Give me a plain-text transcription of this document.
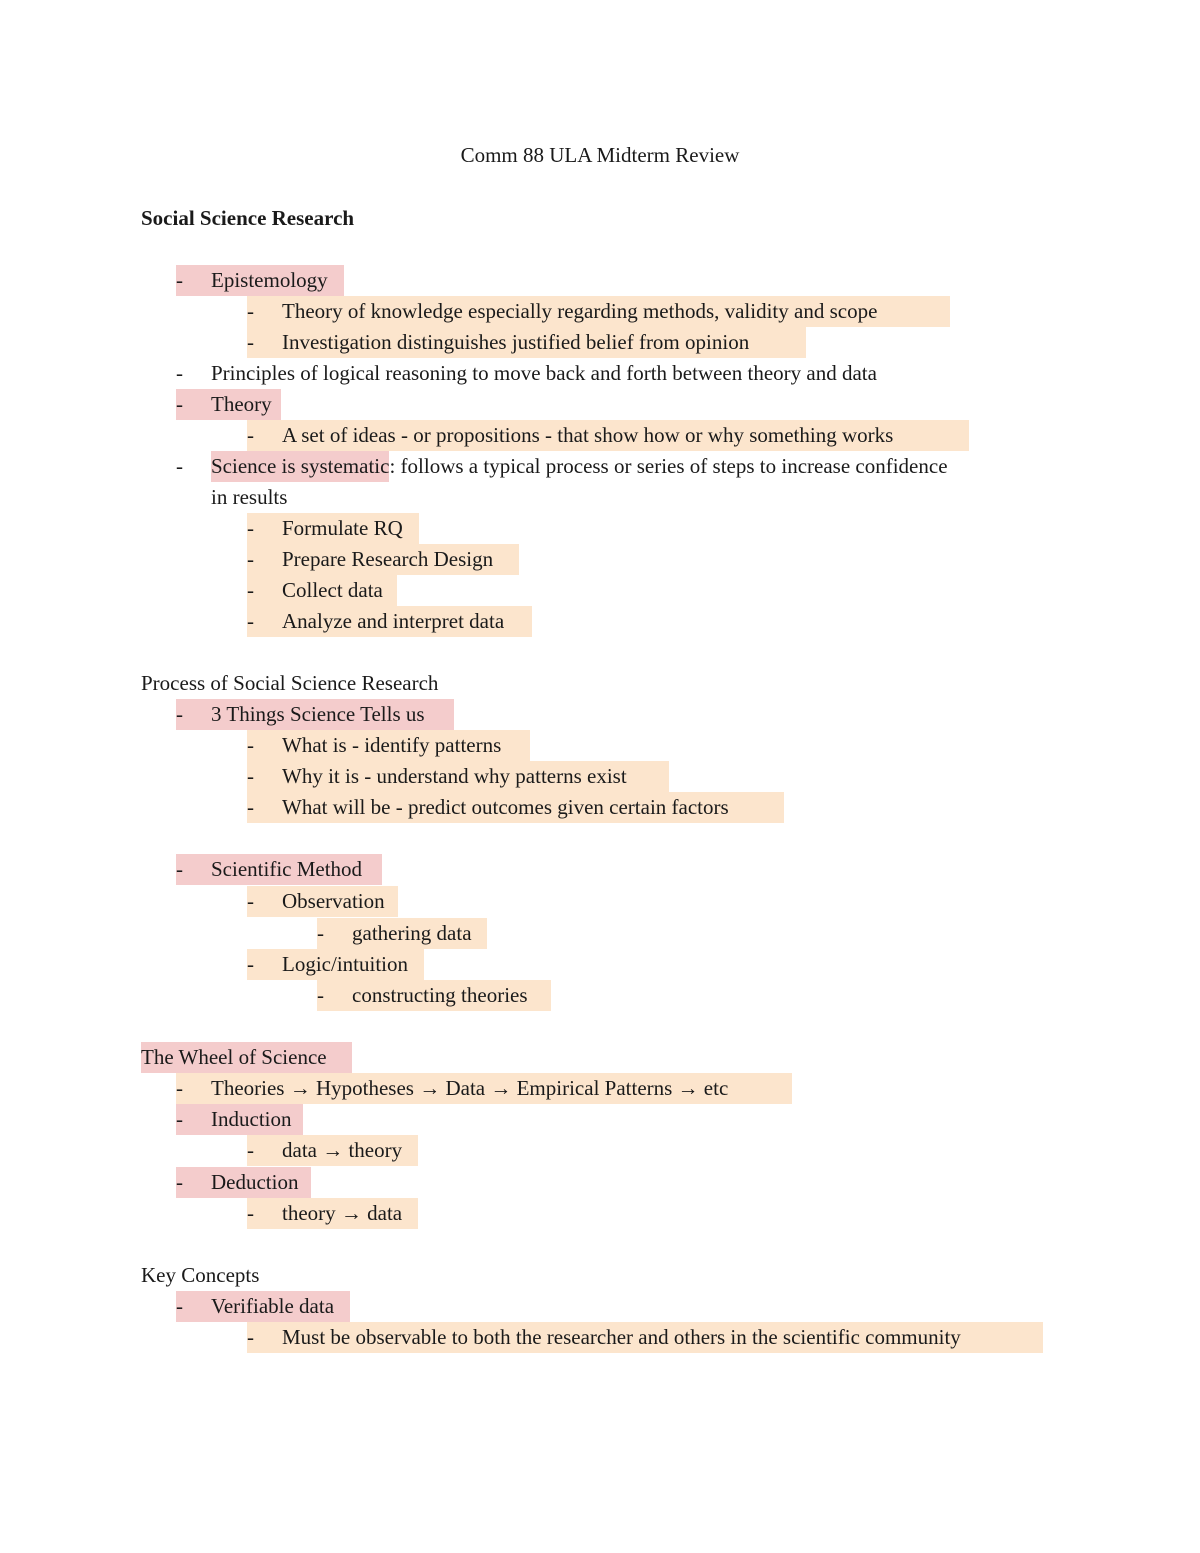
Comm 88 ULA Midterm Review
Social Science Research
- Epistemology
- Theory of knowledge especially regarding methods, validity and scope
- Investigation distinguishes justified belief from opinion
- Principles of logical reasoning to move back and forth between theory and data
- Theory
- A set of ideas - or propositions - that show how or why something works
- Science is systematic: follows a typical process or series of steps to increase confidence
in results
- Formulate RQ
- Prepare Research Design
- Collect data
- Analyze and interpret data
Process of Social Science Research
- 3 Things Science Tells us
- What is - identify patterns
- Why it is - understand why patterns exist
- What will be - predict outcomes given certain factors
- Scientific Method
- Observation
- gathering data
- Logic/intuition
- constructing theories
The Wheel of Science
- Theories → Hypotheses → Data → Empirical Patterns → etc
- Induction
- data → theory
- Deduction
- theory → data
Key Concepts
- Verifiable data
- Must be observable to both the researcher and others in the scientific community
